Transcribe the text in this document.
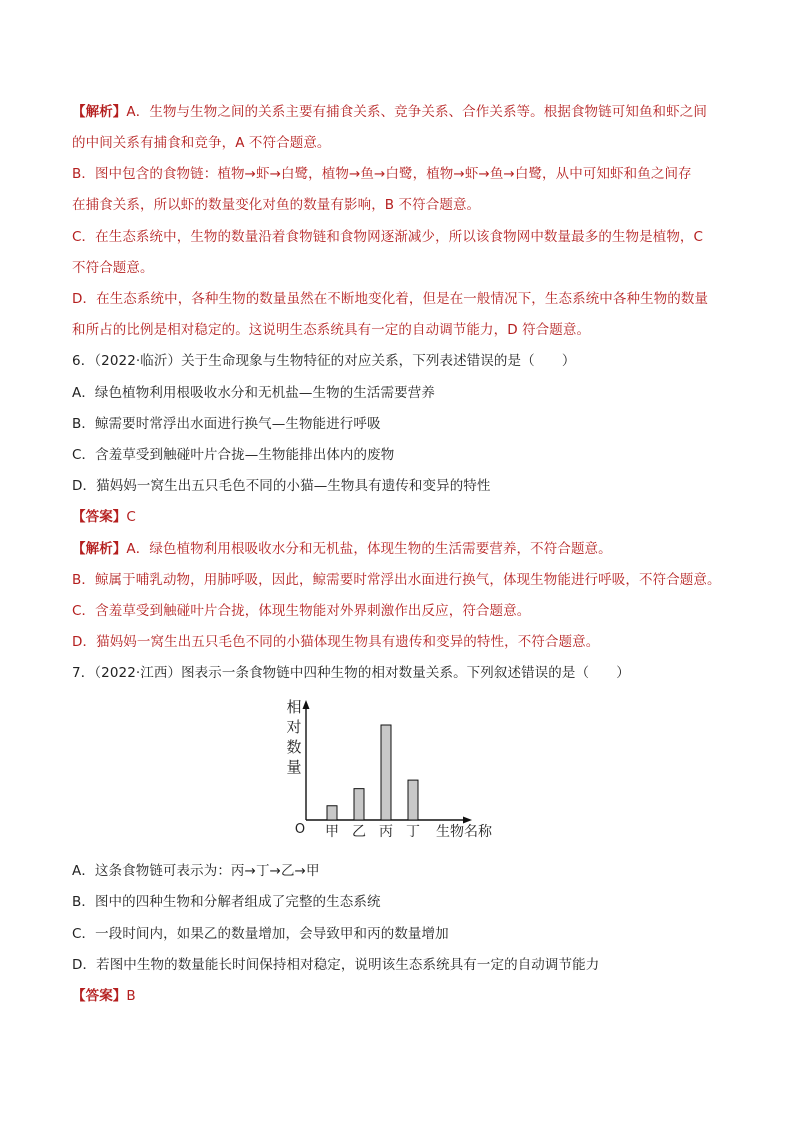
【解析】A．生物与生物之间的关系主要有捕食关系、竞争关系、合作关系等。根据食物链可知鱼和虾之间
的中间关系有捕食和竞争，A 不符合题意。
B．图中包含的食物链：植物→虾→白鹭，植物→鱼→白鹭，植物→虾→鱼→白鹭，从中可知虾和鱼之间存
在捕食关系，所以虾的数量变化对鱼的数量有影响，B 不符合题意。
C．在生态系统中，生物的数量沿着食物链和食物网逐渐减少，所以该食物网中数量最多的生物是植物，C
不符合题意。
D．在生态系统中，各种生物的数量虽然在不断地变化着，但是在一般情况下，生态系统中各种生物的数量
和所占的比例是相对稳定的。这说明生态系统具有一定的自动调节能力，D 符合题意。
6．（2022·临沂）关于生命现象与生物特征的对应关系，下列表述错误的是（　　）
A．绿色植物利用根吸收水分和无机盐—生物的生活需要营养
B．鲸需要时常浮出水面进行换气—生物能进行呼吸
C．含羞草受到触碰叶片合拢—生物能排出体内的废物
D．猫妈妈一窝生出五只毛色不同的小猫—生物具有遗传和变异的特性
【答案】C
【解析】A．绿色植物利用根吸收水分和无机盐，体现生物的生活需要营养，不符合题意。
B．鲸属于哺乳动物，用肺呼吸，因此，鲸需要时常浮出水面进行换气，体现生物能进行呼吸，不符合题意。
C．含羞草受到触碰叶片合拢，体现生物能对外界刺激作出反应，符合题意。
D．猫妈妈一窝生出五只毛色不同的小猫体现生物具有遗传和变异的特性，不符合题意。
7．（2022·江西）图表示一条食物链中四种生物的相对数量关系。下列叙述错误的是（　　）
相
对
数
量
甲 乙 丙 丁
O	生物名称
A．这条食物链可表示为：丙→丁→乙→甲
B．图中的四种生物和分解者组成了完整的生态系统
C．一段时间内，如果乙的数量增加，会导致甲和丙的数量增加
D．若图中生物的数量能长时间保持相对稳定，说明该生态系统具有一定的自动调节能力
【答案】B
